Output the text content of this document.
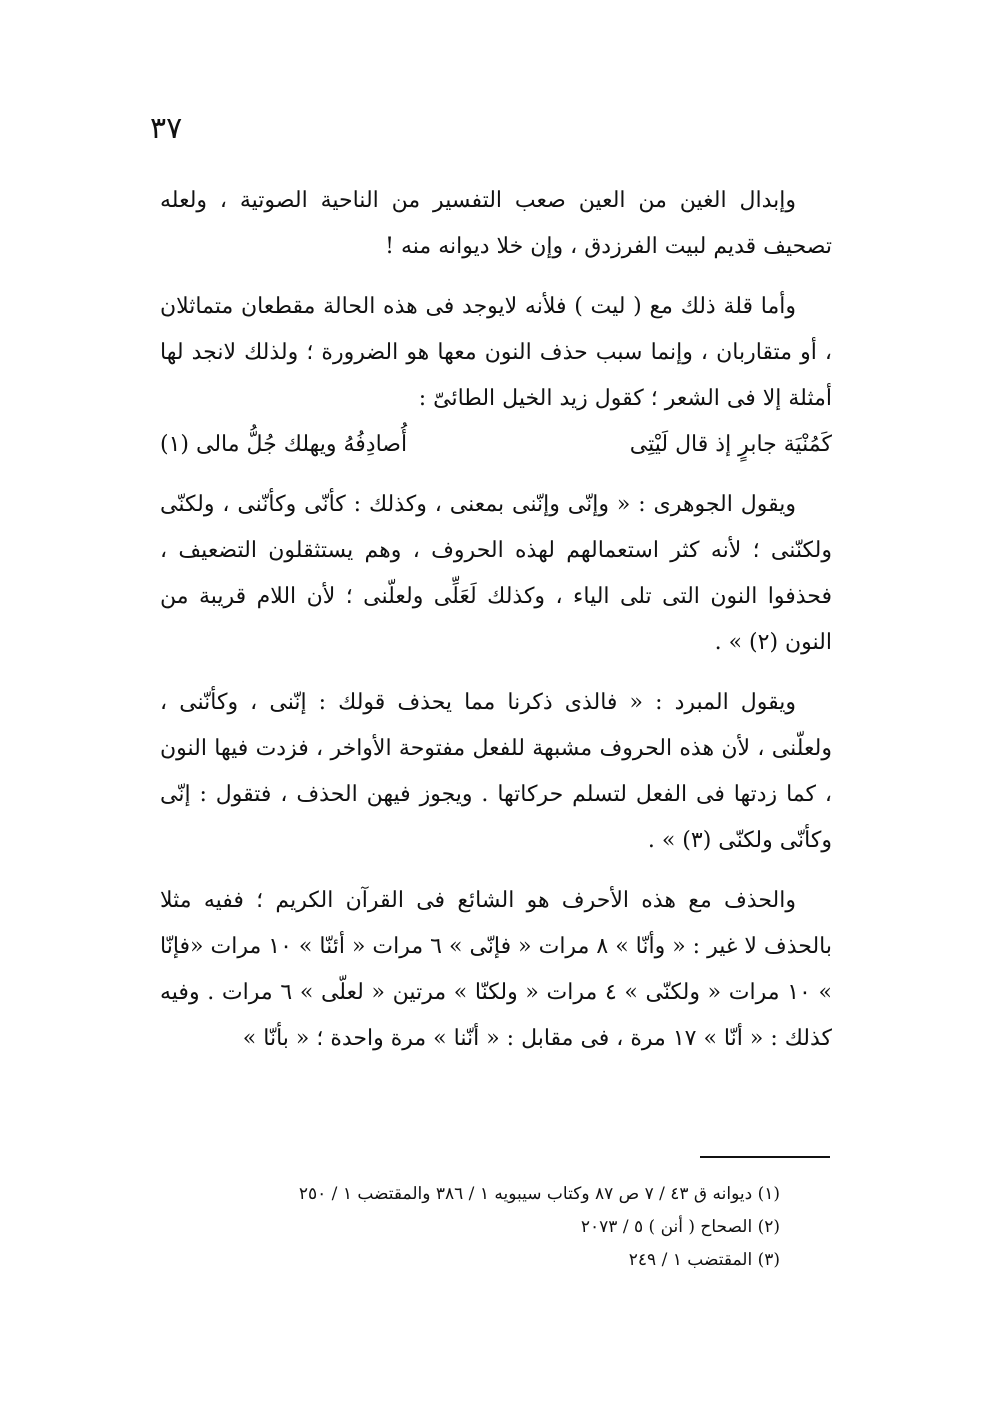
٣٧

وإبدال الغين من العين صعب التفسير من الناحية الصوتية ، ولعله تصحيف قديم لبيت الفرزدق ، وإن خلا ديوانه منه !

وأما قلة ذلك مع ( ليت ) فلأنه لايوجد فى هذه الحالة مقطعان متماثلان ، أو متقاربان ، وإنما سبب حذف النون معها هو الضرورة ؛ ولذلك لانجد لها أمثلة إلا فى الشعر ؛ كقول زيد الخيل الطائىّ :

كَمُنْيَة جابرٍ إذ قال لَيْتِى
أُصادِفُهُ ويهلك جُلُّ مالى (١)

ويقول الجوهرى : « وإنّى وإنّنى بمعنى ، وكذلك : كأنّى وكأنّنى ، ولكنّى ولكنّنى ؛ لأنه كثر استعمالهم لهذه الحروف ، وهم يستثقلون التضعيف ، فحذفوا النون التى تلى الياء ، وكذلك لَعَلِّى ولعلّنى ؛ لأن اللام قريبة من النون (٢) » .

ويقول المبرد : « فالذى ذكرنا مما يحذف قولك : إنّنى ، وكأنّنى ، ولعلّنى ، لأن هذه الحروف مشبهة للفعل مفتوحة الأواخر ، فزدت فيها النون ، كما زدتها فى الفعل لتسلم حركاتها . ويجوز فيهن الحذف ، فتقول : إنّى وكأنّى ولكنّى (٣) » .

والحذف مع هذه الأحرف هو الشائع فى القرآن الكريم ؛ ففيه مثلا بالحذف لا غير : « وأنّا » ٨ مرات « فإنّى » ٦ مرات « أئنّا » ١٠ مرات «فإنّا » ١٠ مرات « ولكنّى » ٤ مرات « ولكنّا » مرتين « لعلّى » ٦ مرات . وفيه كذلك : « أنّا » ١٧ مرة ، فى مقابل : « أنّنا » مرة واحدة ؛ « بأنّا »

(١) ديوانه ق ٤٣ / ٧ ص ٨٧ وكتاب سيبويه ١ / ٣٨٦ والمقتضب ١ / ٢٥٠
(٢) الصحاح ( أنن ) ٥ / ٢٠٧٣
(٣) المقتضب ١ / ٢٤٩
